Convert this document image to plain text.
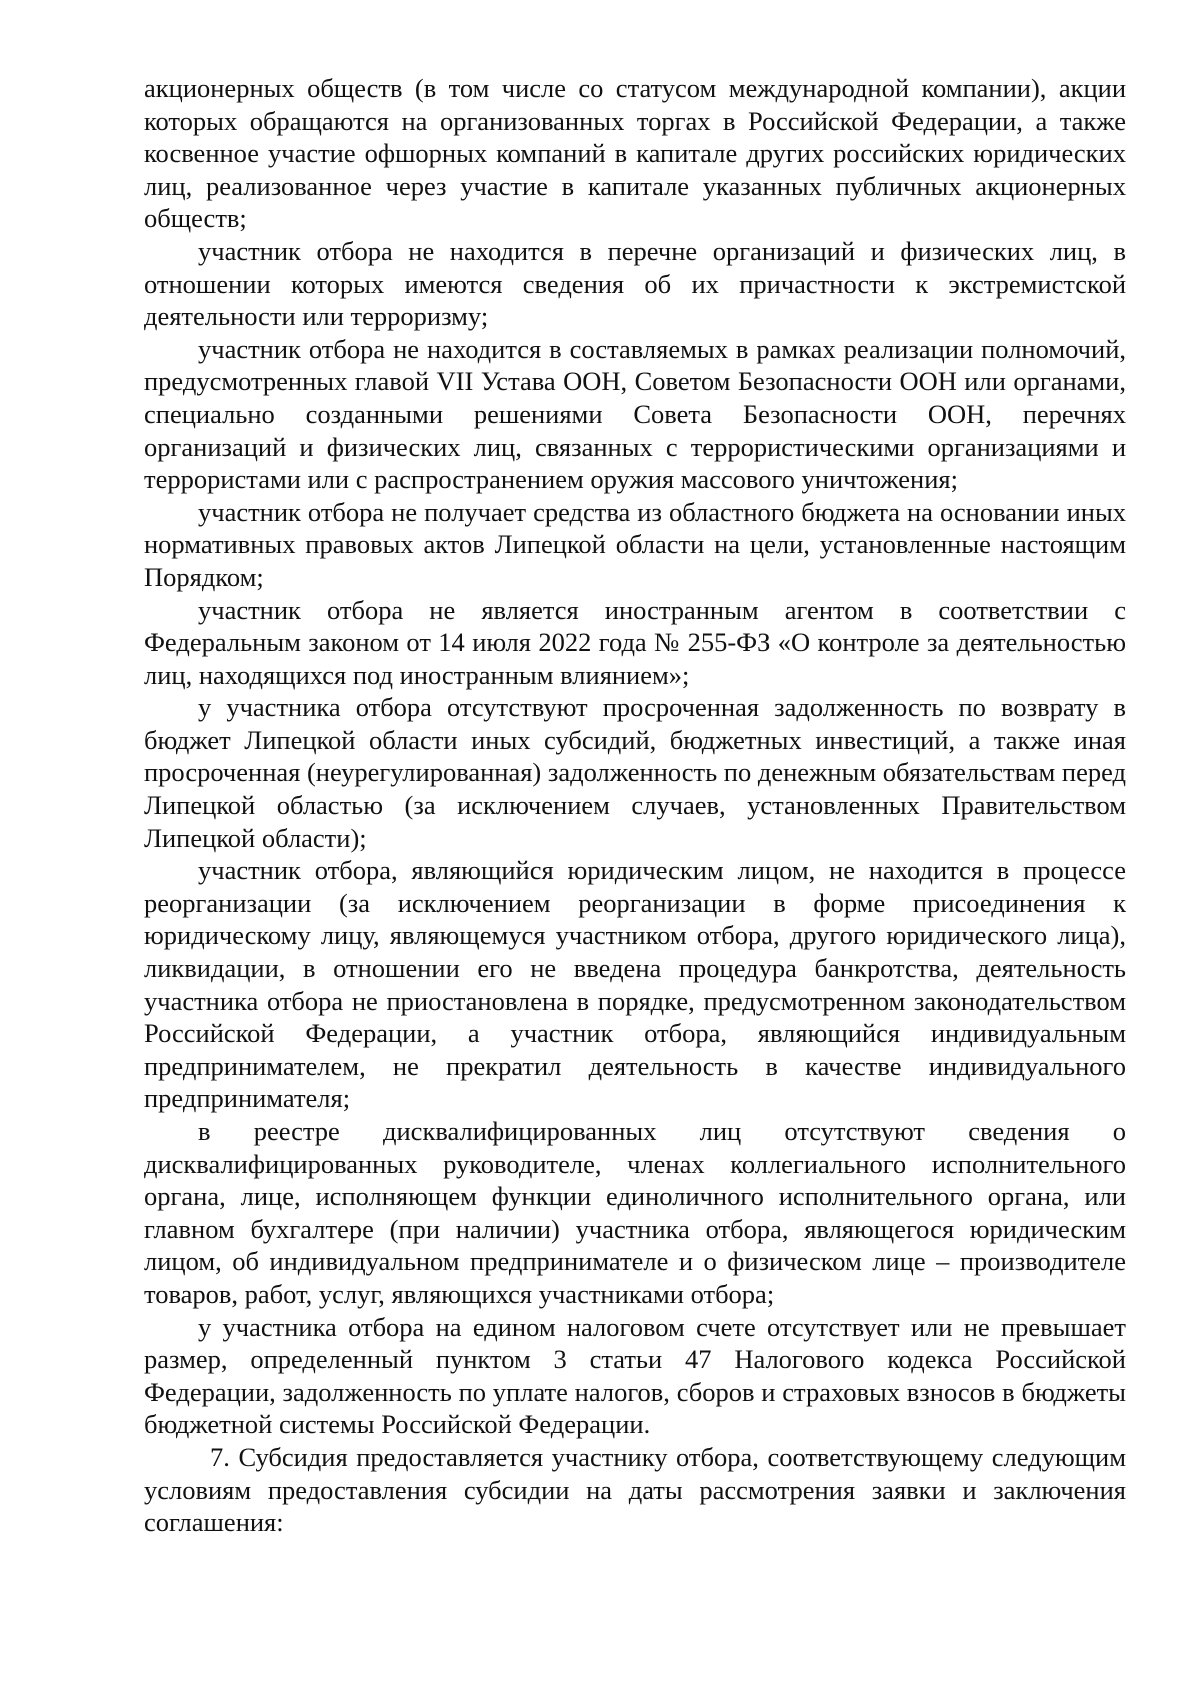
акционерных обществ (в том числе со статусом международной компании), акции которых обращаются на организованных торгах в Российской Федерации, а также косвенное участие офшорных компаний в капитале других российских юридических лиц, реализованное через участие в капитале указанных публичных акционерных обществ;

участник отбора не находится в перечне организаций и физических лиц, в отношении которых имеются сведения об их причастности к экстремистской деятельности или терроризму;

участник отбора не находится в составляемых в рамках реализации полномочий, предусмотренных главой VII Устава ООН, Советом Безопасности ООН или органами, специально созданными решениями Совета Безопасности ООН, перечнях организаций и физических лиц, связанных с террористическими организациями и террористами или с распространением оружия массового уничтожения;

участник отбора не получает средства из областного бюджета на основании иных нормативных правовых актов Липецкой области на цели, установленные настоящим Порядком;

участник отбора не является иностранным агентом в соответствии с Федеральным законом от 14 июля 2022 года № 255-ФЗ «О контроле за деятельностью лиц, находящихся под иностранным влиянием»;

у участника отбора отсутствуют просроченная задолженность по возврату в бюджет Липецкой области иных субсидий, бюджетных инвестиций, а также иная просроченная (неурегулированная) задолженность по денежным обязательствам перед Липецкой областью (за исключением случаев, установленных Правительством Липецкой области);

участник отбора, являющийся юридическим лицом, не находится в процессе реорганизации (за исключением реорганизации в форме присоединения к юридическому лицу, являющемуся участником отбора, другого юридического лица), ликвидации, в отношении его не введена процедура банкротства, деятельность участника отбора не приостановлена в порядке, предусмотренном законодательством Российской Федерации, а участник отбора, являющийся индивидуальным предпринимателем, не прекратил деятельность в качестве индивидуального предпринимателя;

в реестре дисквалифицированных лиц отсутствуют сведения о дисквалифицированных руководителе, членах коллегиального исполнительного органа, лице, исполняющем функции единоличного исполнительного органа, или главном бухгалтере (при наличии) участника отбора, являющегося юридическим лицом, об индивидуальном предпринимателе и о физическом лице – производителе товаров, работ, услуг, являющихся участниками отбора;

у участника отбора на едином налоговом счете отсутствует или не превышает размер, определенный пунктом 3 статьи 47 Налогового кодекса Российской Федерации, задолженность по уплате налогов, сборов и страховых взносов в бюджеты бюджетной системы Российской Федерации.

7. Субсидия предоставляется участнику отбора, соответствующему следующим условиям предоставления субсидии на даты рассмотрения заявки и заключения соглашения:
